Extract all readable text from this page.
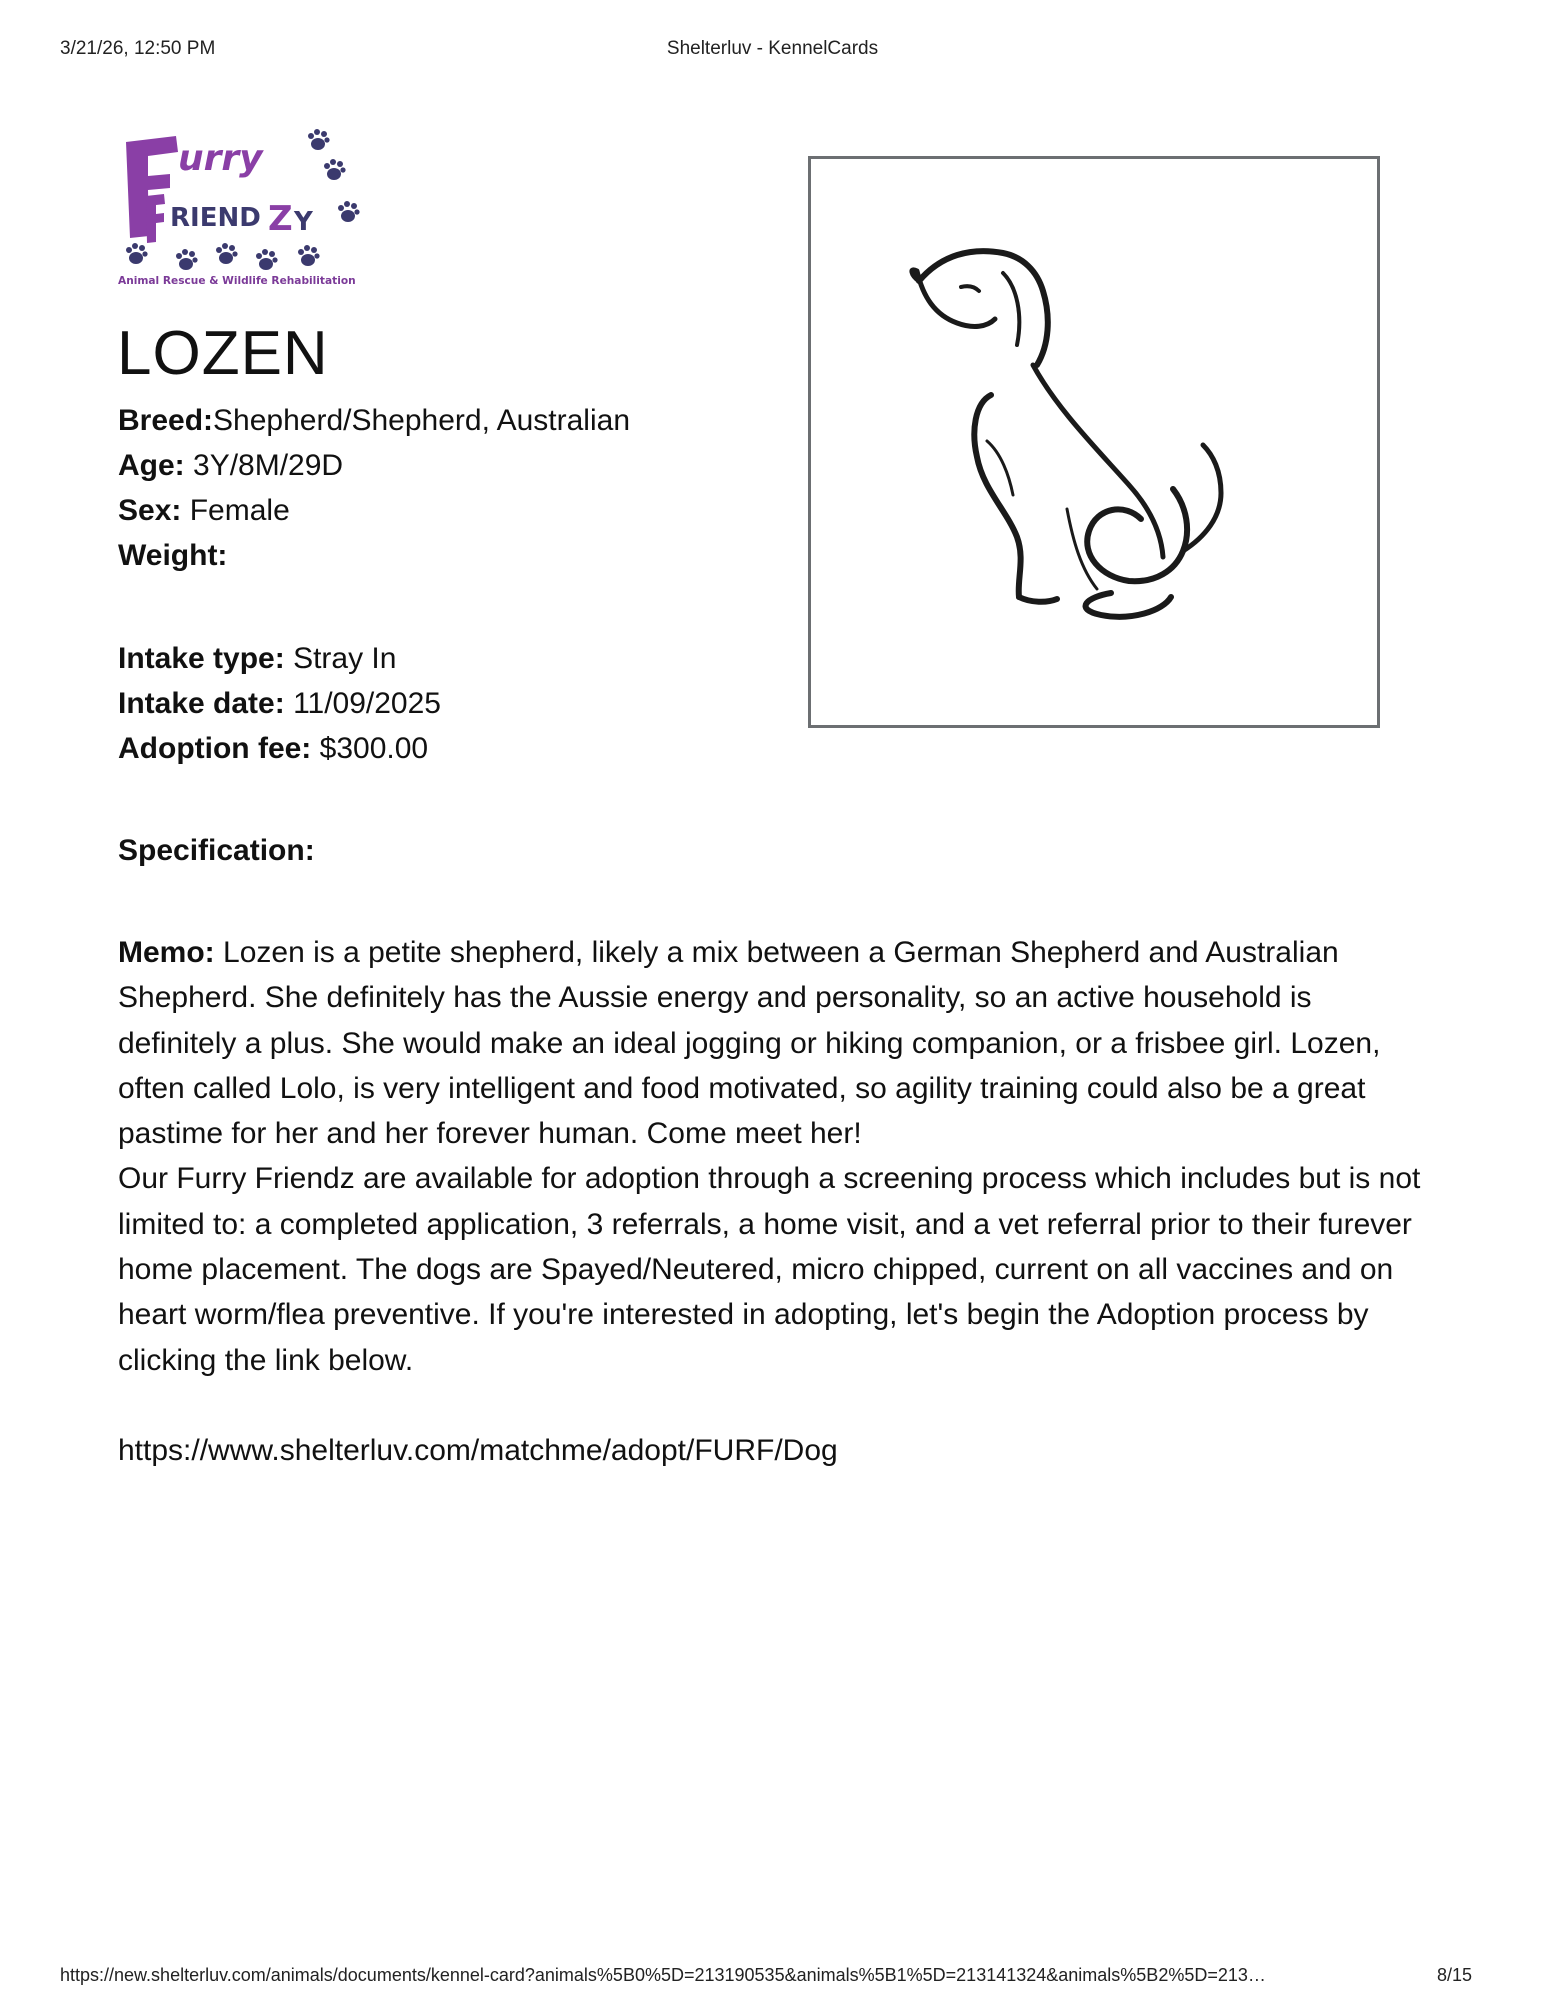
3/21/26, 12:50 PM	Shelterluv - KennelCards
urry
RIEND Z Y
Animal Rescue & Wildlife Rehabilitation
LOZEN
Breed:Shepherd/Shepherd, Australian
Age: 3Y/8M/29D
Sex: Female
Weight:
Intake type: Stray In
Intake date: 11/09/2025
Adoption fee: $300.00
Specification:

Memo: Lozen is a petite shepherd, likely a mix between a German Shepherd and Australian Shepherd. She definitely has the Aussie energy and personality, so an active household is definitely a plus. She would make an ideal jogging or hiking companion, or a frisbee girl. Lozen, often called Lolo, is very intelligent and food motivated, so agility training could also be a great pastime for her and her forever human. Come meet her!

Our Furry Friendz are available for adoption through a screening process which includes but is not limited to: a completed application, 3 referrals, a home visit, and a vet referral prior to their furever home placement. The dogs are Spayed/Neutered, micro chipped, current on all vaccines and on heart worm/flea preventive. If you're interested in adopting, let's begin the Adoption process by clicking the link below.

https://www.shelterluv.com/matchme/adopt/FURF/Dog
https://new.shelterluv.com/animals/documents/kennel-card?animals%5B0%5D=213190535&animals%5B1%5D=213141324&animals%5B2%5D=213…	8/15
